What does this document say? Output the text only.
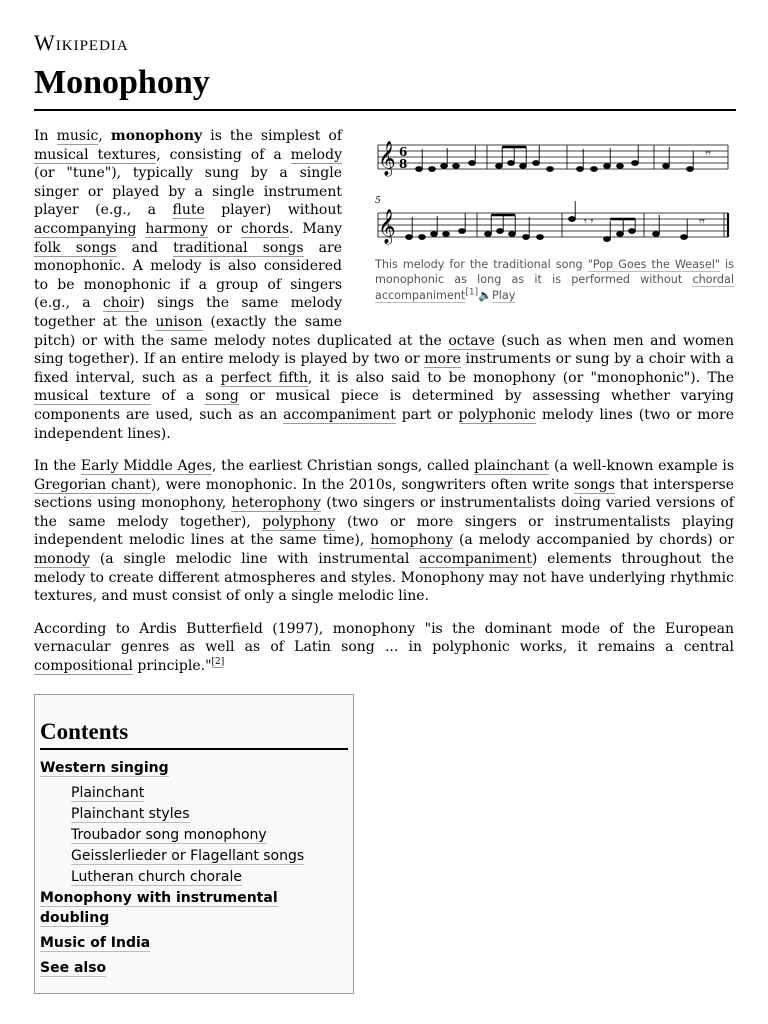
Wikipedia
Monophony
𝄞
𝄞
6
8
5
𝄾𝄾
𝄾 𝄾	𝄾𝄾
This melody for the traditional song "Pop Goes the Weasel" is monophonic as long as it is performed without chordal accompaniment[1]🔈Play

In music, monophony is the simplest of musical textures, consisting of a melody (or "tune"), typically sung by a single singer or played by a single instrument player (e.g., a flute player) without accompanying harmony or chords. Many folk songs and traditional songs are monophonic. A melody is also considered to be monophonic if a group of singers (e.g., a choir) sings the same melody together at the unison (exactly the same pitch) or with the same melody notes duplicated at the octave (such as when men and women sing together). If an entire melody is played by two or more instruments or sung by a choir with a fixed interval, such as a perfect fifth, it is also said to be monophony (or "monophonic"). The musical texture of a song or musical piece is determined by assessing whether varying components are used, such as an accompaniment part or polyphonic melody lines (two or more independent lines).

In the Early Middle Ages, the earliest Christian songs, called plainchant (a well-known example is Gregorian chant), were monophonic. In the 2010s, songwriters often write songs that intersperse sections using monophony, heterophony (two singers or instrumentalists doing varied versions of the same melody together), polyphony (two or more singers or instrumentalists playing independent melodic lines at the same time), homophony (a melody accompanied by chords) or monody (a single melodic line with instrumental accompaniment) elements throughout the melody to create different atmospheres and styles. Monophony may not have underlying rhythmic textures, and must consist of only a single melodic line.

According to Ardis Butterfield (1997), monophony "is the dominant mode of the European vernacular genres as well as of Latin song ... in polyphonic works, it remains a central compositional principle."[2]

Contents
Western singing
Plainchant
Plainchant styles
Troubador song monophony
Geisslerlieder or Flagellant songs
Lutheran church chorale
Monophony with instrumental doubling
Music of India
See also
